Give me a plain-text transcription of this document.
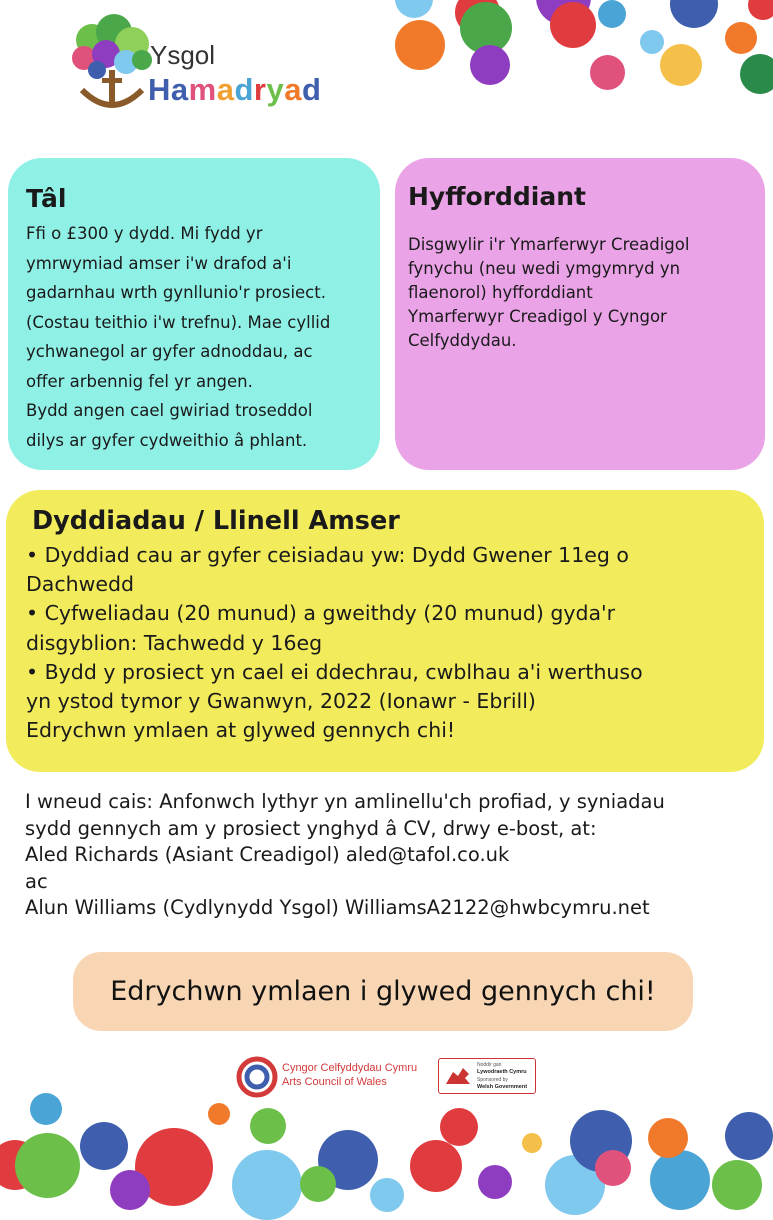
Ysgol
Hamadryad
Tâl
Ffi o £300 y dydd. Mi fydd yr
ymrwymiad amser i'w drafod a'i
gadarnhau wrth gynllunio'r prosiect.
(Costau teithio i'w trefnu). Mae cyllid
ychwanegol ar gyfer adnoddau, ac
offer arbennig fel yr angen.
Bydd angen cael gwiriad troseddol
dilys ar gyfer cydweithio â phlant.
Hyfforddiant
Disgwylir i'r Ymarferwyr Creadigol
fynychu (neu wedi ymgymryd yn
flaenorol) hyfforddiant
Ymarferwyr Creadigol y Cyngor
Celfyddydau.
Dyddiadau / Llinell Amser
• Dyddiad cau ar gyfer ceisiadau yw: Dydd Gwener 11eg o
Dachwedd
• Cyfweliadau (20 munud) a gweithdy (20 munud) gyda'r
disgyblion: Tachwedd y 16eg
• Bydd y prosiect yn cael ei ddechrau, cwblhau a'i werthuso
yn ystod tymor y Gwanwyn, 2022 (Ionawr - Ebrill)
Edrychwn ymlaen at glywed gennych chi!
I wneud cais: Anfonwch lythyr yn amlinellu'ch profiad, y syniadau
sydd gennych am y prosiect ynghyd â CV, drwy e-bost, at:
Aled Richards (Asiant Creadigol) aled@tafol.co.uk
ac
Alun Williams (Cydlynydd Ysgol) WilliamsA2122@hwbcymru.net
Edrychwn ymlaen i glywed gennych chi!
Cyngor Celfyddydau Cymru
Arts Council of Wales
Noddir gan
Lywodraeth Cymru
Sponsored by
Welsh Government
